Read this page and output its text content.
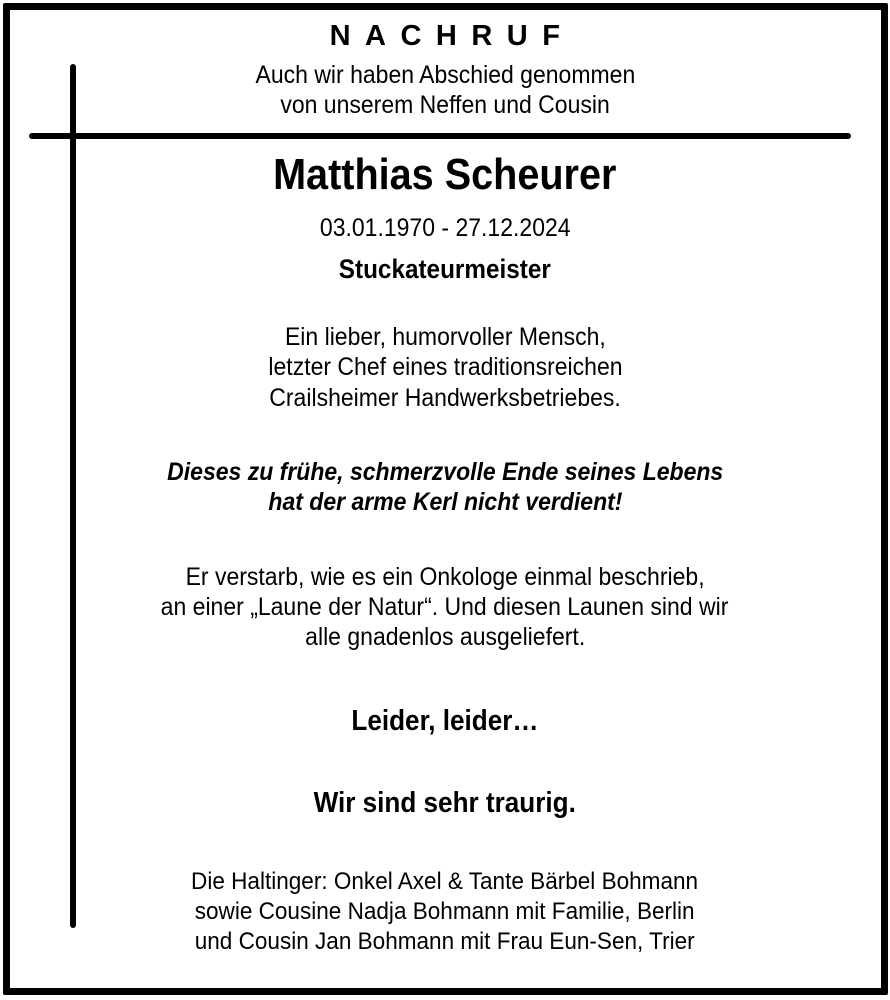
NACHRUF
Auch wir haben Abschied genommen
von unserem Neffen und Cousin
Matthias Scheurer
03.01.1970 - 27.12.2024
Stuckateurmeister
Ein lieber, humorvoller Mensch,
letzter Chef eines traditionsreichen
Crailsheimer Handwerksbetriebes.
Dieses zu frühe, schmerzvolle Ende seines Lebens
hat der arme Kerl nicht verdient!
Er verstarb, wie es ein Onkologe einmal beschrieb,
an einer „Laune der Natur“. Und diesen Launen sind wir
alle gnadenlos ausgeliefert.
Leider, leider…
Wir sind sehr traurig.
Die Haltinger: Onkel Axel & Tante Bärbel Bohmann
sowie Cousine Nadja Bohmann mit Familie, Berlin
und Cousin Jan Bohmann mit Frau Eun-Sen, Trier
